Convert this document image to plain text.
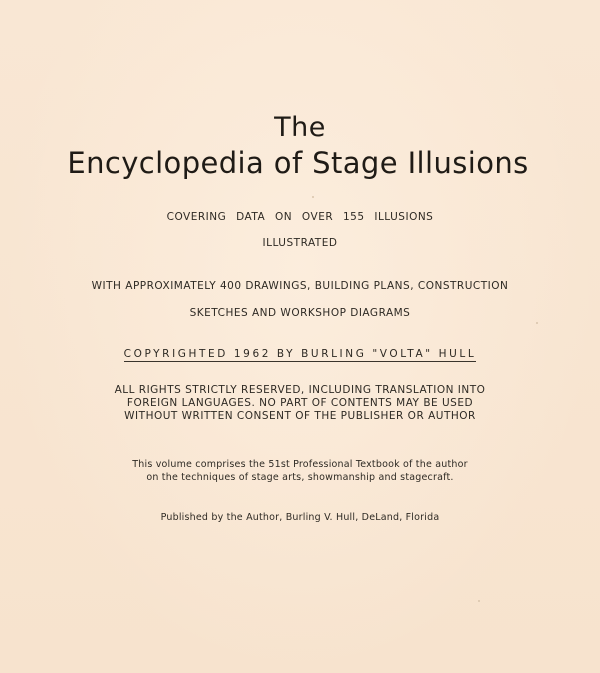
The
Encyclopedia of Stage Illusions
COVERING DATA ON OVER 155 ILLUSIONS
ILLUSTRATED
WITH APPROXIMATELY 400 DRAWINGS, BUILDING PLANS, CONSTRUCTION
SKETCHES AND WORKSHOP DIAGRAMS
COPYRIGHTED 1962 BY BURLING "VOLTA" HULL
ALL RIGHTS STRICTLY RESERVED, INCLUDING TRANSLATION INTO
FOREIGN LANGUAGES. NO PART OF CONTENTS MAY BE USED
WITHOUT WRITTEN CONSENT OF THE PUBLISHER OR AUTHOR
This volume comprises the 51st Professional Textbook of the author
on the techniques of stage arts, showmanship and stagecraft.
Published by the Author, Burling V. Hull, DeLand, Florida
